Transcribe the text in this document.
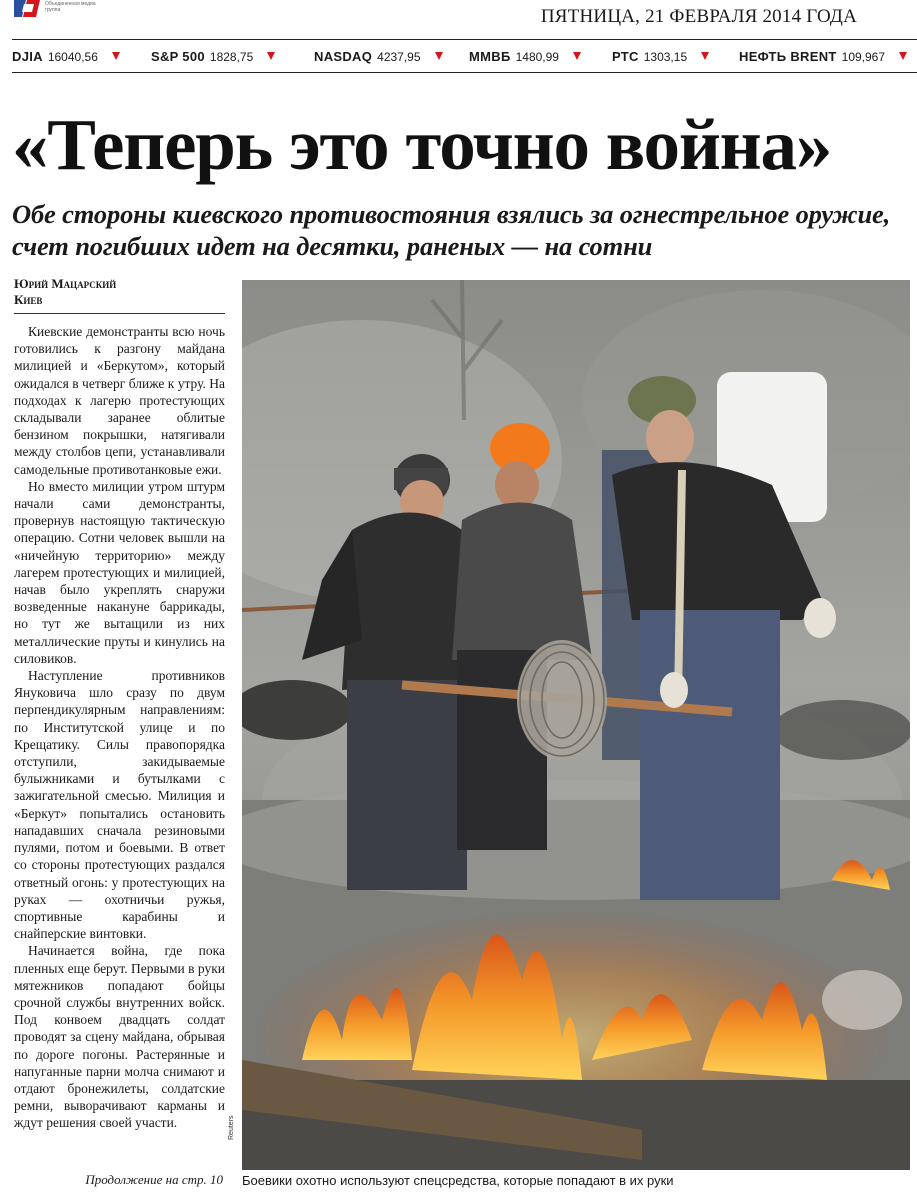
Объединенная медиа группа	ПЯТНИЦА, 21 ФЕВРАЛЯ 2014 ГОДА
DJIA 16040,56	S&P 500 1828,75	NASDAQ 4237,95	ММВБ 1480,99	РТС 1303,15	НЕФТЬ BRENT 109,967
«Теперь это точно война»
Обе стороны киевского противостояния взялись за огнестрельное оружие, счет погибших идет на десятки, раненых — на сотни
Юрий Мацарский
Киев

Киевские демонстранты всю ночь готовились к разгону майдана милицией и «Беркутом», который ожидался в четверг ближе к утру. На подходах к лагерю протестующих складывали заранее облитые бензином покрышки, натягивали между столбов цепи, устанавливали самодельные противотанковые ежи.

Но вместо милиции утром штурм начали сами демонстранты, провернув настоящую тактическую операцию. Сотни человек вышли на «ничейную территорию» между лагерем протестующих и милицией, начав было укреплять снаружи возведенные накануне баррикады, но тут же вытащили из них металлические пруты и кинулись на силовиков.

Наступление противников Януковича шло сразу по двум перпендикулярным направлениям: по Институтской улице и по Крещатику. Силы правопорядка отступили, закидываемые булыжниками и бутылками с зажигательной смесью. Милиция и «Беркут» попытались остановить нападавших сначала резиновыми пулями, потом и боевыми. В ответ со стороны протестующих раздался ответный огонь: у протестующих на руках — охотничьи ружья, спортивные карабины и снайперские винтовки.

Начинается война, где пока пленных еще берут. Первыми в руки мятежников попадают бойцы срочной службы внутренних войск. Под конвоем двадцать солдат проводят за сцену майдана, обрывая по дороге погоны. Растерянные и напуганные парни молча снимают и отдают бронежилеты, солдатские ремни, выворачивают карманы и ждут решения своей участи.

Продолжение на стр. 10
Reuters
Боевики охотно используют спецсредства, которые попадают в их руки
